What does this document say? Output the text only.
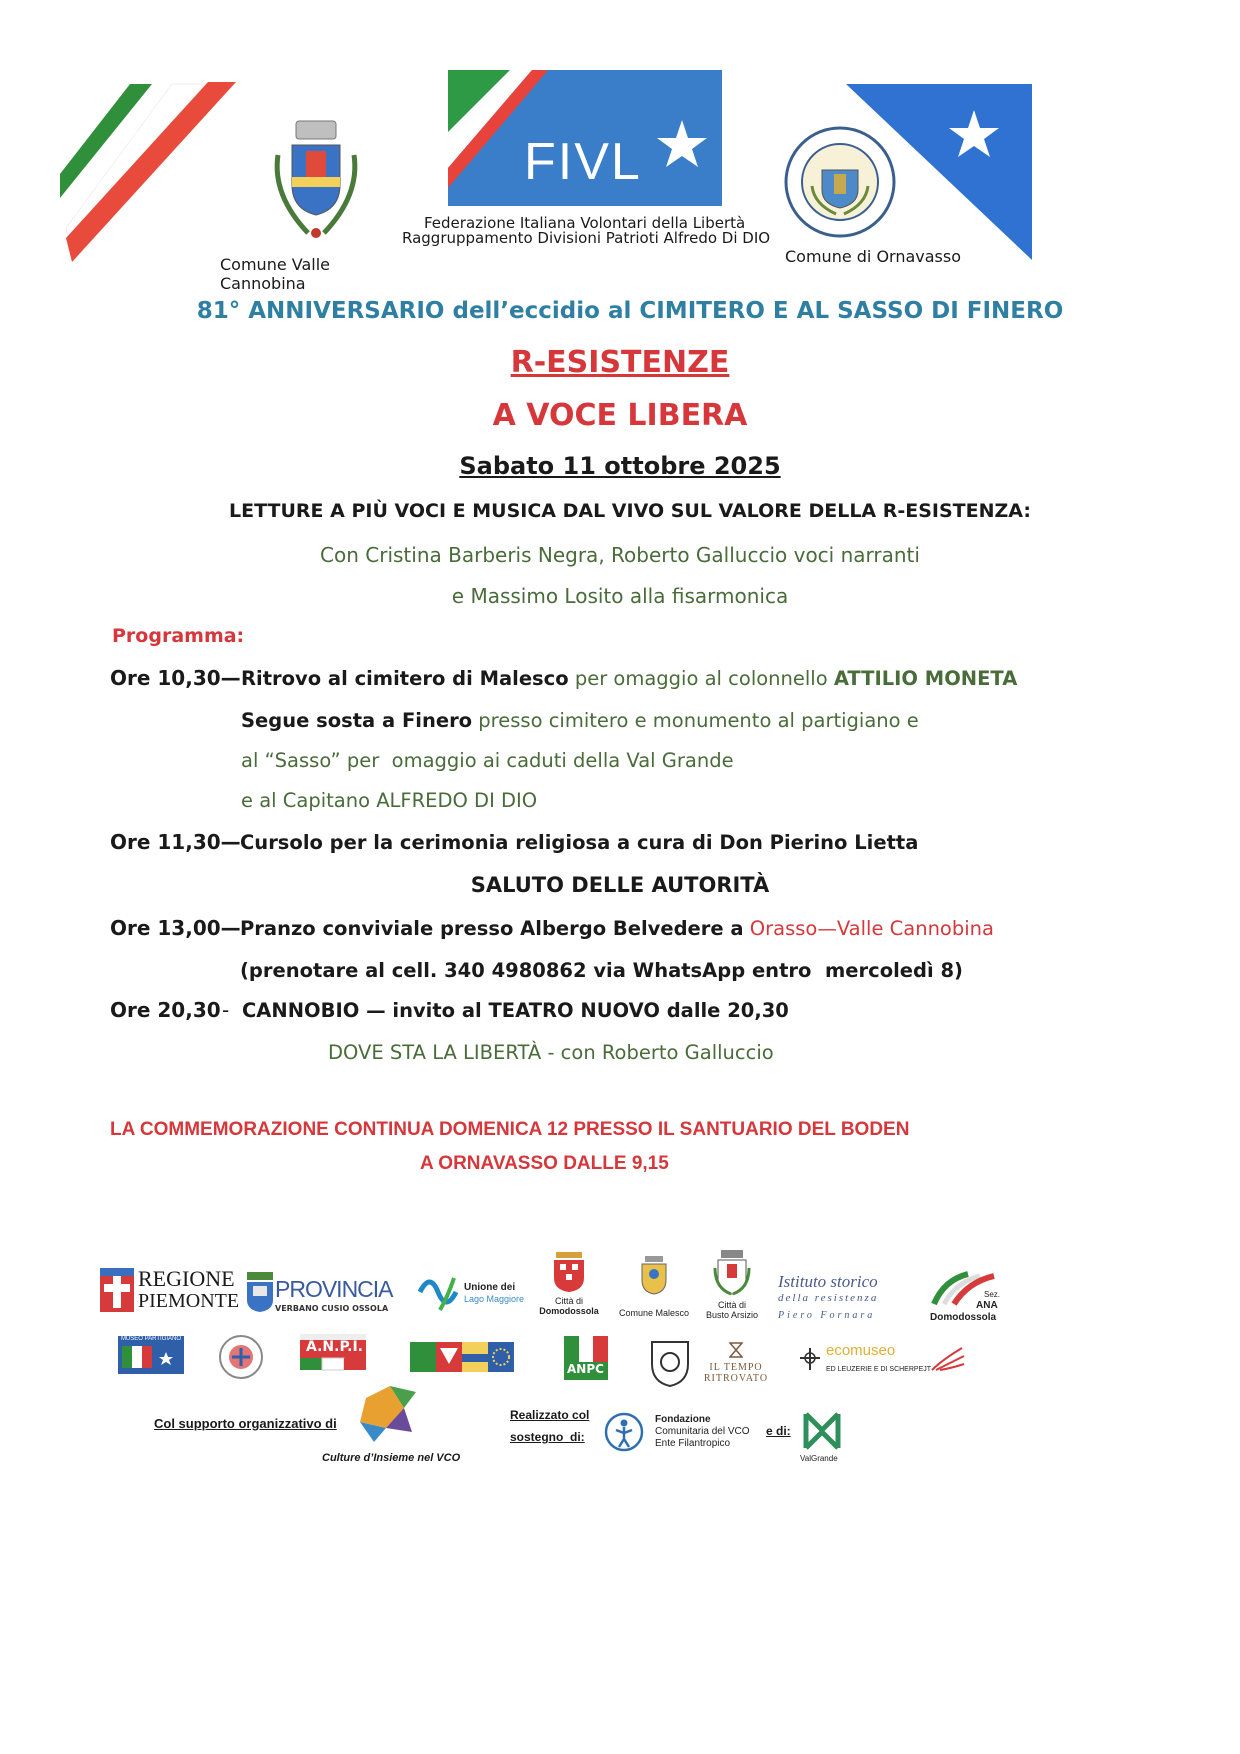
Comune Valle Cannobina
FIVL
Federazione Italiana Volontari della Libertà
Raggruppamento Divisioni Patrioti Alfredo Di DIO
Comune di Ornavasso
81° ANNIVERSARIO dell’eccidio al CIMITERO E AL SASSO DI FINERO
R-ESISTENZE
A VOCE LIBERA
Sabato 11 ottobre 2025
LETTURE A PIÙ VOCI E MUSICA DAL VIVO SUL VALORE DELLA R-ESISTENZA:
Con Cristina Barberis Negra, Roberto Galluccio voci narranti
e Massimo Losito alla fisarmonica
Programma:
Ore 10,30— Ritrovo al cimitero di Malesco per omaggio al colonnello ATTILIO MONETA
Segue sosta a Finero presso cimitero e monumento al partigiano e
al “Sasso” per  omaggio ai caduti della Val Grande
e al Capitano ALFREDO DI DIO
Ore 11,30— Cursolo per la cerimonia religiosa a cura di Don Pierino Lietta
SALUTO DELLE AUTORITÀ
Ore 13,00— Pranzo conviviale presso Albergo Belvedere a Orasso—Valle Cannobina
(prenotare al cell. 340 4980862 via WhatsApp entro  mercoledì 8)
Ore 20,30 - CANNOBIO — invito al TEATRO NUOVO dalle 20,30
DOVE STA LA LIBERTÀ - con Roberto Galluccio
LA COMMEMORAZIONE CONTINUA DOMENICA 12 PRESSO IL SANTUARIO DEL BODEN
A ORNAVASSO DALLE 9,15
REGIONE
PIEMONTE PROVINCIA
VERBANO CUSIO OSSOLA
Unione dei
Lago Maggiore	Città di
Domodossola	Comune Malesco
Città di
Busto Arsizio
Istituto storico
della resistenza
Piero Fornara
Sez.
ANA
Domodossola
MUSEO PARTIGIANO	A.N.P.I.
ANPC	IL TEMPO
RITROVATO
ecomuseo
ED LEUZERIE E DI SCHERPEJT
Col supporto organizzativo di
Culture d’Insieme nel VCO
Realizzato col
sostegno  di:
Fondazione
Comunitaria del VCO
Ente Filantropico
e di:
ValGrande
